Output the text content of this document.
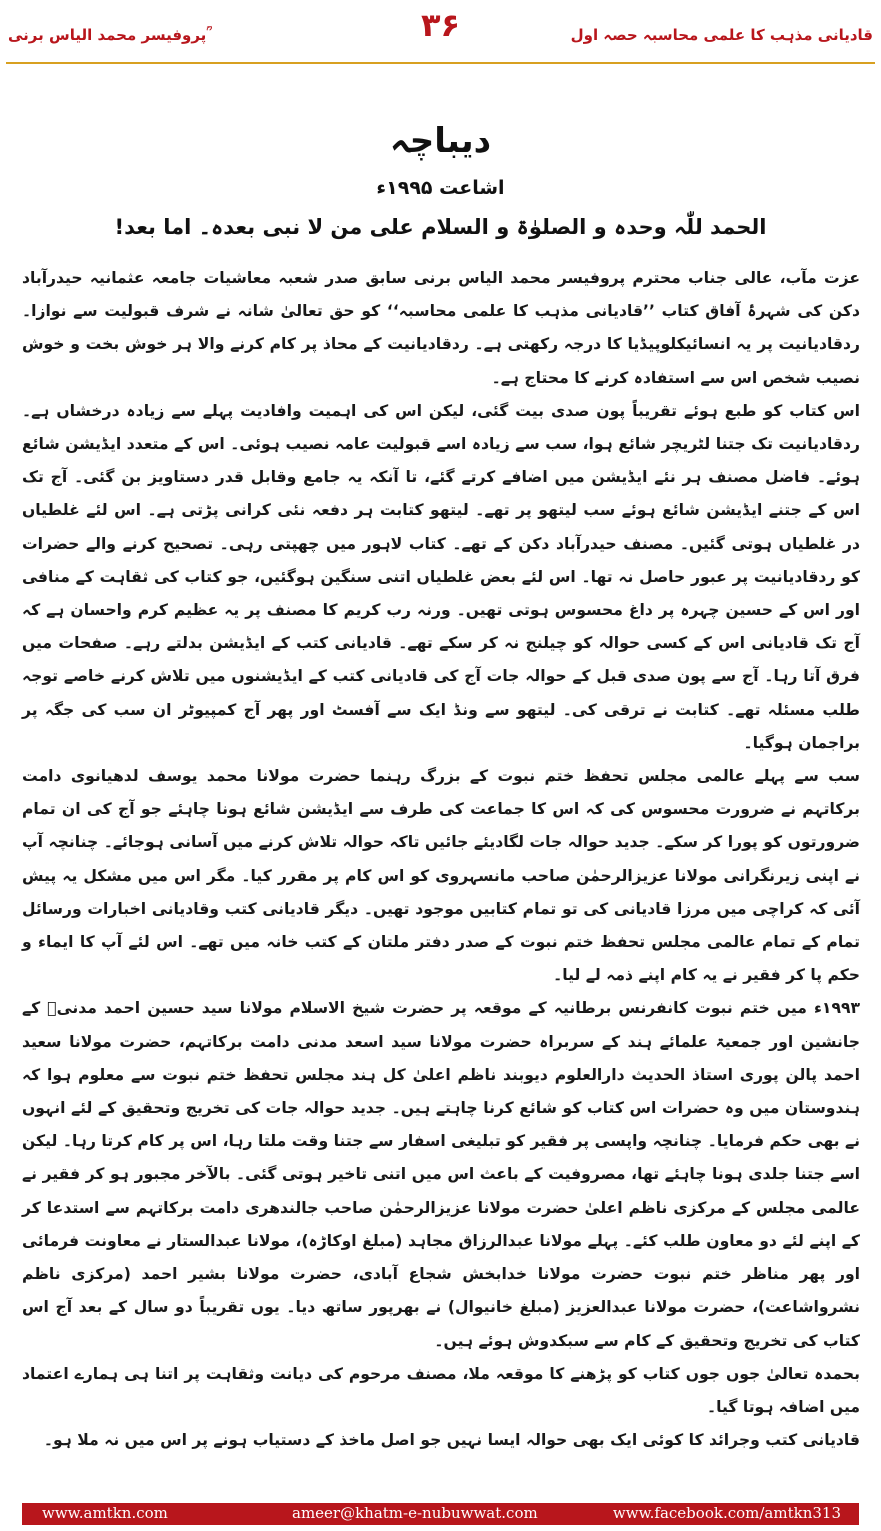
پروفیسر محمد الیاس برنی ؒ	۳۶	قادیانی مذہب کا علمی محاسبہ حصہ اول
دیباچہ
اشاعت ۱۹۹۵ء
الحمد للّٰہ وحدہ و الصلوٰۃ و السلام علی من لا نبی بعدہ۔ اما بعد!

عزت مآب، عالی جناب محترم پروفیسر محمد الیاس برنی سابق صدر شعبہ معاشیات جامعہ عثمانیہ حیدرآباد دکن کی شہرۂ آفاق کتاب ’’قادیانی مذہب کا علمی محاسبہ‘‘ کو حق تعالیٰ شانہ نے شرف قبولیت سے نوازا۔ ردقادیانیت پر یہ انسائیکلوپیڈیا کا درجہ رکھتی ہے۔ ردقادیانیت کے محاذ پر کام کرنے والا ہر خوش بخت و خوش نصیب شخص اس سے استفادہ کرنے کا محتاج ہے۔

اس کتاب کو طبع ہوئے تقریباً پون صدی بیت گئی، لیکن اس کی اہمیت وافادیت پہلے سے زیادہ درخشاں ہے۔ ردقادیانیت تک جتنا لٹریچر شائع ہوا، سب سے زیادہ اسے قبولیت عامہ نصیب ہوئی۔ اس کے متعدد ایڈیشن شائع ہوئے۔ فاضل مصنف ہر نئے ایڈیشن میں اضافے کرتے گئے، تا آنکہ یہ جامع وقابل قدر دستاویز بن گئی۔ آج تک اس کے جتنے ایڈیشن شائع ہوئے سب لیتھو پر تھے۔ لیتھو کتابت ہر دفعہ نئی کرانی پڑتی ہے۔ اس لئے غلطیاں در غلطیاں ہوتی گئیں۔ مصنف حیدرآباد دکن کے تھے۔ کتاب لاہور میں چھپتی رہی۔ تصحیح کرنے والے حضرات کو ردقادیانیت پر عبور حاصل نہ تھا۔ اس لئے بعض غلطیاں اتنی سنگین ہوگئیں، جو کتاب کی ثقاہت کے منافی اور اس کے حسین چہرہ پر داغ محسوس ہوتی تھیں۔ ورنہ رب کریم کا مصنف پر یہ عظیم کرم واحسان ہے کہ آج تک قادیانی اس کے کسی حوالہ کو چیلنج نہ کر سکے تھے۔ قادیانی کتب کے ایڈیشن بدلتے رہے۔ صفحات میں فرق آتا رہا۔ آج سے پون صدی قبل کے حوالہ جات آج کی قادیانی کتب کے ایڈیشنوں میں تلاش کرنے خاصے توجہ طلب مسئلہ تھے۔ کتابت نے ترقی کی۔ لیتھو سے ونڈ ایک سے آفسٹ اور پھر آج کمپیوٹر ان سب کی جگہ پر براجمان ہوگیا۔

سب سے پہلے عالمی مجلس تحفظ ختم نبوت کے بزرگ رہنما حضرت مولانا محمد یوسف لدھیانوی دامت برکاتہم نے ضرورت محسوس کی کہ اس کا جماعت کی طرف سے ایڈیشن شائع ہونا چاہئے جو آج کی ان تمام ضرورتوں کو پورا کر سکے۔ جدید حوالہ جات لگادیئے جائیں تاکہ حوالہ تلاش کرنے میں آسانی ہوجائے۔ چنانچہ آپ نے اپنی زیرنگرانی مولانا عزیزالرحمٰن صاحب مانسہروی کو اس کام پر مقرر کیا۔ مگر اس میں مشکل یہ پیش آئی کہ کراچی میں مرزا قادیانی کی تو تمام کتابیں موجود تھیں۔ دیگر قادیانی کتب وقادیانی اخبارات ورسائل تمام کے تمام عالمی مجلس تحفظ ختم نبوت کے صدر دفتر ملتان کے کتب خانہ میں تھے۔ اس لئے آپ کا ایماء و حکم پا کر فقیر نے یہ کام اپنے ذمہ لے لیا۔

۱۹۹۳ء میں ختم نبوت کانفرنس برطانیہ کے موقعہ پر حضرت شیخ الاسلام مولانا سید حسین احمد مدنیؒ کے جانشین اور جمعیۃ علمائے ہند کے سربراہ حضرت مولانا سید اسعد مدنی دامت برکاتہم، حضرت مولانا سعید احمد پالن پوری استاذ الحدیث دارالعلوم دیوبند ناظم اعلیٰ کل ہند مجلس تحفظ ختم نبوت سے معلوم ہوا کہ ہندوستان میں وہ حضرات اس کتاب کو شائع کرنا چاہتے ہیں۔ جدید حوالہ جات کی تخریج وتحقیق کے لئے انہوں نے بھی حکم فرمایا۔ چنانچہ واپسی پر فقیر کو تبلیغی اسفار سے جتنا وقت ملتا رہا، اس پر کام کرتا رہا۔ لیکن اسے جتنا جلدی ہونا چاہئے تھا، مصروفیت کے باعث اس میں اتنی تاخیر ہوتی گئی۔ بالآخر مجبور ہو کر فقیر نے عالمی مجلس کے مرکزی ناظم اعلیٰ حضرت مولانا عزیزالرحمٰن صاحب جالندھری دامت برکاتہم سے استدعا کر کے اپنے لئے دو معاون طلب کئے۔ پہلے مولانا عبدالرزاق مجاہد (مبلغ اوکاڑہ)، مولانا عبدالستار نے معاونت فرمائی اور پھر مناظر ختم نبوت حضرت مولانا خدابخش شجاع آبادی، حضرت مولانا بشیر احمد (مرکزی ناظم نشرواشاعت)، حضرت مولانا عبدالعزیز (مبلغ خانیوال) نے بھرپور ساتھ دیا۔ یوں تقریباً دو سال کے بعد آج اس کتاب کی تخریج وتحقیق کے کام سے سبکدوش ہوئے ہیں۔

بحمدہ تعالیٰ جوں جوں کتاب کو پڑھنے کا موقعہ ملا، مصنف مرحوم کی دیانت وثقاہت پر اتنا ہی ہمارے اعتماد میں اضافہ ہوتا گیا۔

قادیانی کتب وجرائد کا کوئی ایک بھی حوالہ ایسا نہیں جو اصل ماخذ کے دستیاب ہونے پر اس میں نہ ملا ہو۔

www.amtkn.com	ameer@khatm-e-nubuwwat.com	www.facebook.com/amtkn313
